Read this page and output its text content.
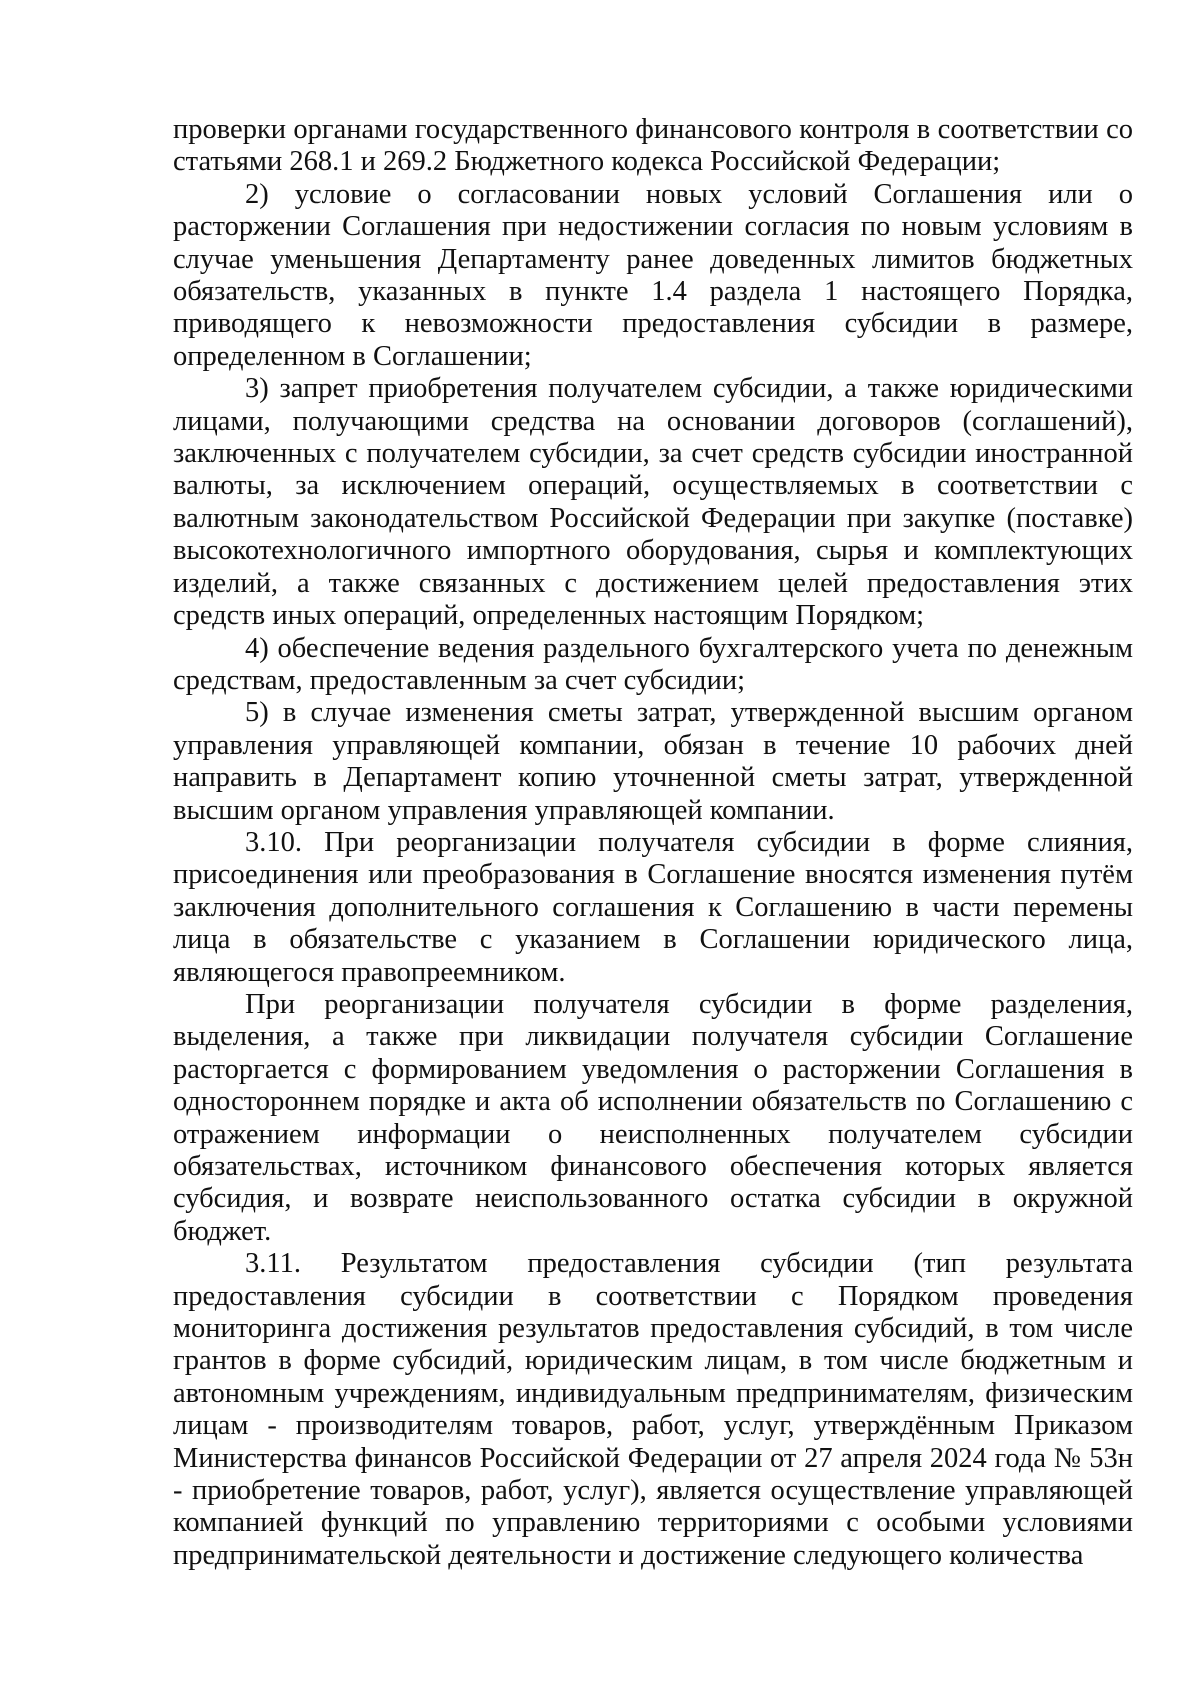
проверки органами государственного финансового контроля в соответствии со статьями 268.1 и 269.2 Бюджетного кодекса Российской Федерации;

2) условие о согласовании новых условий Соглашения или о расторжении Соглашения при недостижении согласия по новым условиям в случае уменьшения Департаменту ранее доведенных лимитов бюджетных обязательств, указанных в пункте 1.4 раздела 1 настоящего Порядка, приводящего к невозможности предоставления субсидии в размере, определенном в Соглашении;

3) запрет приобретения получателем субсидии, а также юридическими лицами, получающими средства на основании договоров (соглашений), заключенных с получателем субсидии, за счет средств субсидии иностранной валюты, за исключением операций, осуществляемых в соответствии с валютным законодательством Российской Федерации при закупке (поставке) высокотехнологичного импортного оборудования, сырья и комплектующих изделий, а также связанных с достижением целей предоставления этих средств иных операций, определенных настоящим Порядком;

4) обеспечение ведения раздельного бухгалтерского учета по денежным средствам, предоставленным за счет субсидии;

5) в случае изменения сметы затрат, утвержденной высшим органом управления управляющей компании, обязан в течение 10 рабочих дней направить в Департамент копию уточненной сметы затрат, утвержденной высшим органом управления управляющей компании.

3.10. При реорганизации получателя субсидии в форме слияния, присоединения или преобразования в Соглашение вносятся изменения путём заключения дополнительного соглашения к Соглашению в части перемены лица в обязательстве с указанием в Соглашении юридического лица, являющегося правопреемником.

При реорганизации получателя субсидии в форме разделения, выделения, а также при ликвидации получателя субсидии Соглашение расторгается с формированием уведомления о расторжении Соглашения в одностороннем порядке и акта об исполнении обязательств по Соглашению с отражением информации о неисполненных получателем субсидии обязательствах, источником финансового обеспечения которых является субсидия, и возврате неиспользованного остатка субсидии в окружной бюджет.

3.11. Результатом предоставления субсидии (тип результата предоставления субсидии в соответствии с Порядком проведения мониторинга достижения результатов предоставления субсидий, в том числе грантов в форме субсидий, юридическим лицам, в том числе бюджетным и автономным учреждениям, индивидуальным предпринимателям, физическим лицам - производителям товаров, работ, услуг, утверждённым Приказом Министерства финансов Российской Федерации от 27 апреля 2024 года № 53н - приобретение товаров, работ, услуг), является осуществление управляющей компанией функций по управлению территориями с особыми условиями предпринимательской деятельности и достижение следующего количества
